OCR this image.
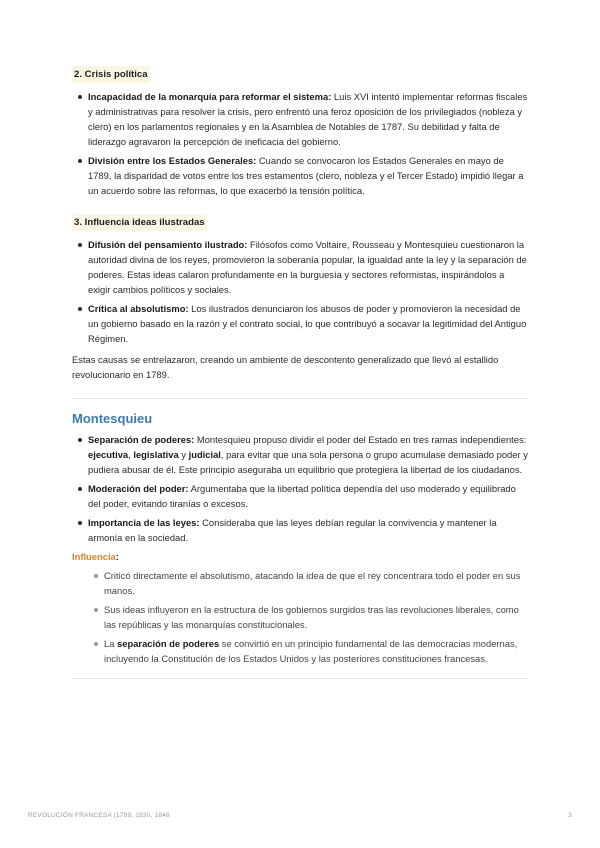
2. Crisis política
Incapacidad de la monarquía para reformar el sistema: Luis XVI intentó implementar reformas fiscales y administrativas para resolver la crisis, pero enfrentó una feroz oposición de los privilegiados (nobleza y clero) en los parlamentos regionales y en la Asamblea de Notables de 1787. Su debilidad y falta de liderazgo agravaron la percepción de ineficacia del gobierno.
División entre los Estados Generales: Cuando se convocaron los Estados Generales en mayo de 1789, la disparidad de votos entre los tres estamentos (clero, nobleza y el Tercer Estado) impidió llegar a un acuerdo sobre las reformas, lo que exacerbó la tensión política.
3. Influencia ideas ilustradas
Difusión del pensamiento ilustrado: Filósofos como Voltaire, Rousseau y Montesquieu cuestionaron la autoridad divina de los reyes, promovieron la soberanía popular, la igualdad ante la ley y la separación de poderes. Estas ideas calaron profundamente en la burguesía y sectores reformistas, inspirándolos a exigir cambios políticos y sociales.
Crítica al absolutismo: Los ilustrados denunciaron los abusos de poder y promovieron la necesidad de un gobierno basado en la razón y el contrato social, lo que contribuyó a socavar la legitimidad del Antiguo Régimen.

Estas causas se entrelazaron, creando un ambiente de descontento generalizado que llevó al estallido revolucionario en 1789.

Montesquieu
Separación de poderes: Montesquieu propuso dividir el poder del Estado en tres ramas independientes: ejecutiva, legislativa y judicial, para evitar que una sola persona o grupo acumulase demasiado poder y pudiera abusar de él. Este principio aseguraba un equilibrio que protegiera la libertad de los ciudadanos.
Moderación del poder: Argumentaba que la libertad política dependía del uso moderado y equilibrado del poder, evitando tiranías o excesos.
Importancia de las leyes: Consideraba que las leyes debían regular la convivencia y mantener la armonía en la sociedad.
Influencia:
Criticó directamente el absolutismo, atacando la idea de que el rey concentrara todo el poder en sus manos.
Sus ideas influyeron en la estructura de los gobiernos surgidos tras las revoluciones liberales, como las repúblicas y las monarquías constitucionales.
La separación de poderes se convirtió en un principio fundamental de las democracias modernas, incluyendo la Constitución de los Estados Unidos y las posteriores constituciones francesas.
REVOLUCIÓN FRANCESA (1789, 1830, 1848	3
